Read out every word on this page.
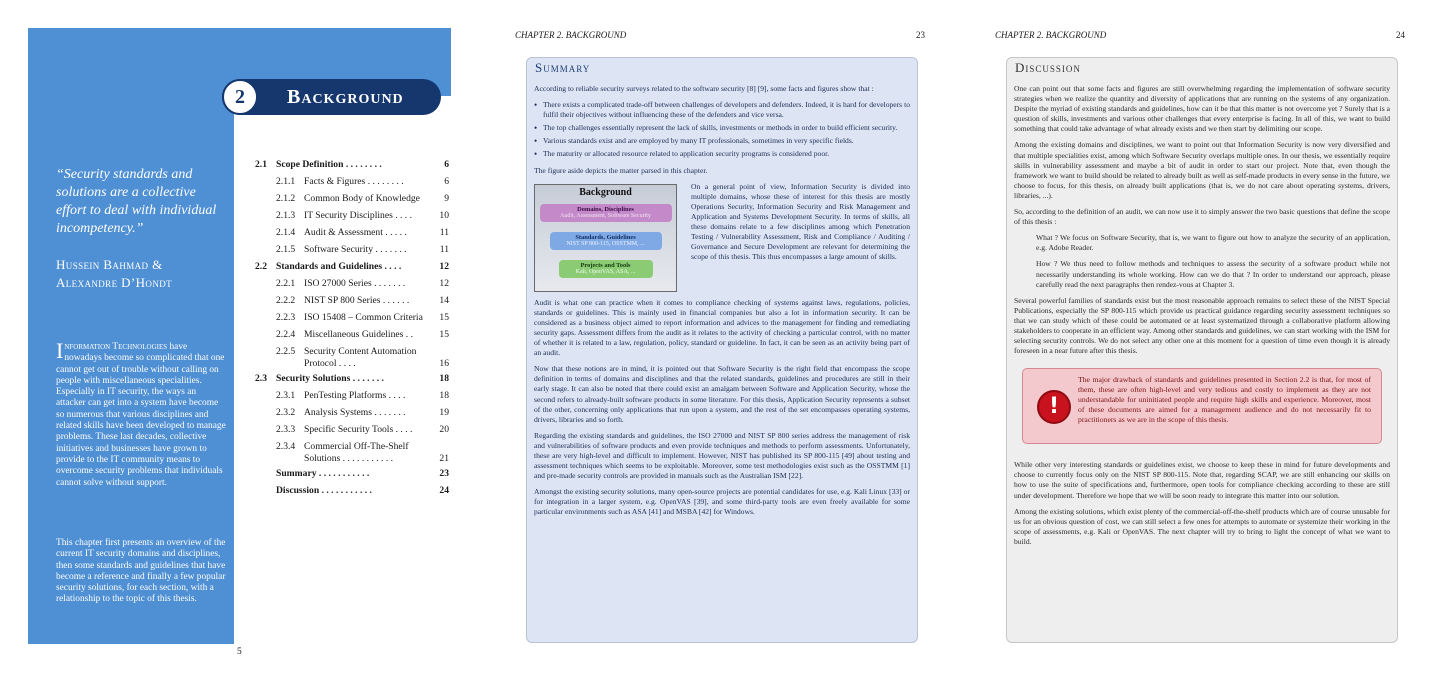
2	Background
“Security standards and solutions are a collective effort to deal with individual incompetency.”
Hussein Bahmad &
Alexandre D’Hondt
Information Technologies have nowadays become so complicated that one cannot get out of trouble without calling on people with miscellaneous specialities. Especially in IT security, the ways an attacker can get into a system have become so numerous that various disciplines and related skills have been developed to manage problems. These last decades, collective initiatives and businesses have grown to provide to the IT community means to overcome security problems that individuals cannot solve without support.
This chapter first presents an overview of the current IT security domains and disciplines, then some standards and guidelines that have become a reference and finally a few popular security solutions, for each section, with a relationship to the topic of this thesis.
2.1 Scope Definition . . . . . . . .	6
2.1.1 Facts & Figures . . . . . . . .	6
2.1.2 Common Body of Knowledge	9
2.1.3 IT Security Disciplines . . . .	10
2.1.4 Audit & Assessment . . . . .	11
2.1.5 Software Security . . . . . . .	11
2.2 Standards and Guidelines . . . .	12
2.2.1 ISO 27000 Series . . . . . . .	12
2.2.2 NIST SP 800 Series . . . . . .	14
2.2.3 ISO 15408 – Common Criteria	15
2.2.4 Miscellaneous Guidelines . .	15
2.2.5 Security Content Automation Protocol . . . .	16
2.3 Security Solutions . . . . . . .	18
2.3.1 PenTesting Platforms . . . .	18
2.3.2 Analysis Systems . . . . . . .	19
2.3.3 Specific Security Tools . . . .	20
2.3.4 Commercial Off-The-Shelf Solutions . . . . . . . . . . .	21
Summary . . . . . . . . . . .	23
Discussion . . . . . . . . . . .	24
5
CHAPTER 2. BACKGROUND	23
Summary

According to reliable security surveys related to the software security [8] [9], some facts and figures show that :

• There exists a complicated trade-off between challenges of developers and defenders. Indeed, it is hard for developers to fulfil their objectives without influencing these of the defenders and vice versa.
• The top challenges essentially represent the lack of skills, investments or methods in order to build efficient security.
• Various standards exist and are employed by many IT professionals, sometimes in very specific fields.
• The maturity or allocated resource related to application security programs is considered poor.

The figure aside depicts the matter parsed in this chapter.

Background
Domains, Disciplines
Audit, Assessment, Software Security
Standards, Guidelines
NIST SP 800-115, OSSTMM, ...
Projects and Tools
Kali, OpenVAS, ASA, ...
On a general point of view, Information Security is divided into multiple domains, whose these of interest for this thesis are mostly Operations Security, Information Security and Risk Management and Application and Systems Development Security. In terms of skills, all these domains relate to a few disciplines among which Penetration Testing / Vulnerability Assessment, Risk and Compliance / Auditing / Governance and Secure Development are relevant for determining the scope of this thesis. This thus encompasses a large amount of skills.

Audit is what one can practice when it comes to compliance checking of systems against laws, regulations, policies, standards or guidelines. This is mainly used in financial companies but also a lot in information security. It can be considered as a business object aimed to report information and advices to the management for finding and remediating security gaps. Assessment differs from the audit as it relates to the activity of checking a particular control, with no matter of whether it is related to a law, regulation, policy, standard or guideline. In fact, it can be seen as an activity being part of an audit.

Now that these notions are in mind, it is pointed out that Software Security is the right field that encompass the scope definition in terms of domains and disciplines and that the related standards, guidelines and procedures are still in their early stage. It can also be noted that there could exist an amalgam between Software and Application Security, whose the second refers to already-built software products in some literature. For this thesis, Application Security represents a subset of the other, concerning only applications that run upon a system, and the rest of the set encompasses operating systems, drivers, libraries and so forth.

Regarding the existing standards and guidelines, the ISO 27000 and NIST SP 800 series address the management of risk and vulnerabilities of software products and even provide techniques and methods to perform assessments. Unfortunately, these are very high-level and difficult to implement. However, NIST has published its SP 800-115 [49] about testing and assessment techniques which seems to be exploitable. Moreover, some test methodologies exist such as the OSSTMM [1] and pre-made security controls are provided in manuals such as the Australian ISM [22].

Amongst the existing security solutions, many open-source projects are potential candidates for use, e.g. Kali Linux [33] or for integration in a larger system, e.g. OpenVAS [39], and some third-party tools are even freely available for some particular environments such as ASA [41] and MSBA [42] for Windows.

CHAPTER 2. BACKGROUND	24
Discussion

One can point out that some facts and figures are still overwhelming regarding the implementation of software security strategies when we realize the quantity and diversity of applications that are running on the systems of any organization. Despite the myriad of existing standards and guidelines, how can it be that this matter is not overcome yet ? Surely that is a question of skills, investments and various other challenges that every enterprise is facing. In all of this, we want to build something that could take advantage of what already exists and we then start by delimiting our scope.

Among the existing domains and disciplines, we want to point out that Information Security is now very diversified and that multiple specialities exist, among which Software Security overlaps multiple ones. In our thesis, we essentially require skills in vulnerability assessment and maybe a bit of audit in order to start our project. Note that, even though the framework we want to build should be related to already built as well as self-made products in every sense in the future, we choose to focus, for this thesis, on already built applications (that is, we do not care about operating systems, drivers, libraries, ...).

So, according to the definition of an audit, we can now use it to simply answer the two basic questions that define the scope of this thesis :

What ? We focus on Software Security, that is, we want to figure out how to analyze the security of an application, e.g. Adobe Reader.

How ? We thus need to follow methods and techniques to assess the security of a software product while not necessarily understanding its whole working. How can we do that ? In order to understand our approach, please carefully read the next paragraphs then rendez-vous at Chapter 3.

Several powerful families of standards exist but the most reasonable approach remains to select these of the NIST Special Publications, especially the SP 800-115 which provide us practical guidance regarding security assessment techniques so that we can study which of these could be automated or at least systematized through a collaborative platform allowing stakeholders to cooperate in an efficient way. Among other standards and guidelines, we can start working with the ISM for selecting security controls. We do not select any other one at this moment for a question of time even though it is already foreseen in a near future after this thesis.

!
The major drawback of standards and guidelines presented in Section 2.2 is that, for most of them, these are often high-level and very tedious and costly to implement as they are not understandable for uninitiated people and require high skills and experience. Moreover, most of these documents are aimed for a management audience and do not necessarily fit to practitioners as we are in the scope of this thesis.

While other very interesting standards or guidelines exist, we choose to keep these in mind for future developments and choose to currently focus only on the NIST SP 800-115. Note that, regarding SCAP, we are still enhancing our skills on how to use the suite of specifications and, furthermore, open tools for compliance checking according to these are still under development. Therefore we hope that we will be soon ready to integrate this matter into our solution.

Among the existing solutions, which exist plenty of the commercial-off-the-shelf products which are of course unusable for us for an obvious question of cost, we can still select a few ones for attempts to automate or systemize their working in the scope of assessments, e.g. Kali or OpenVAS. The next chapter will try to bring to light the concept of what we want to build.
